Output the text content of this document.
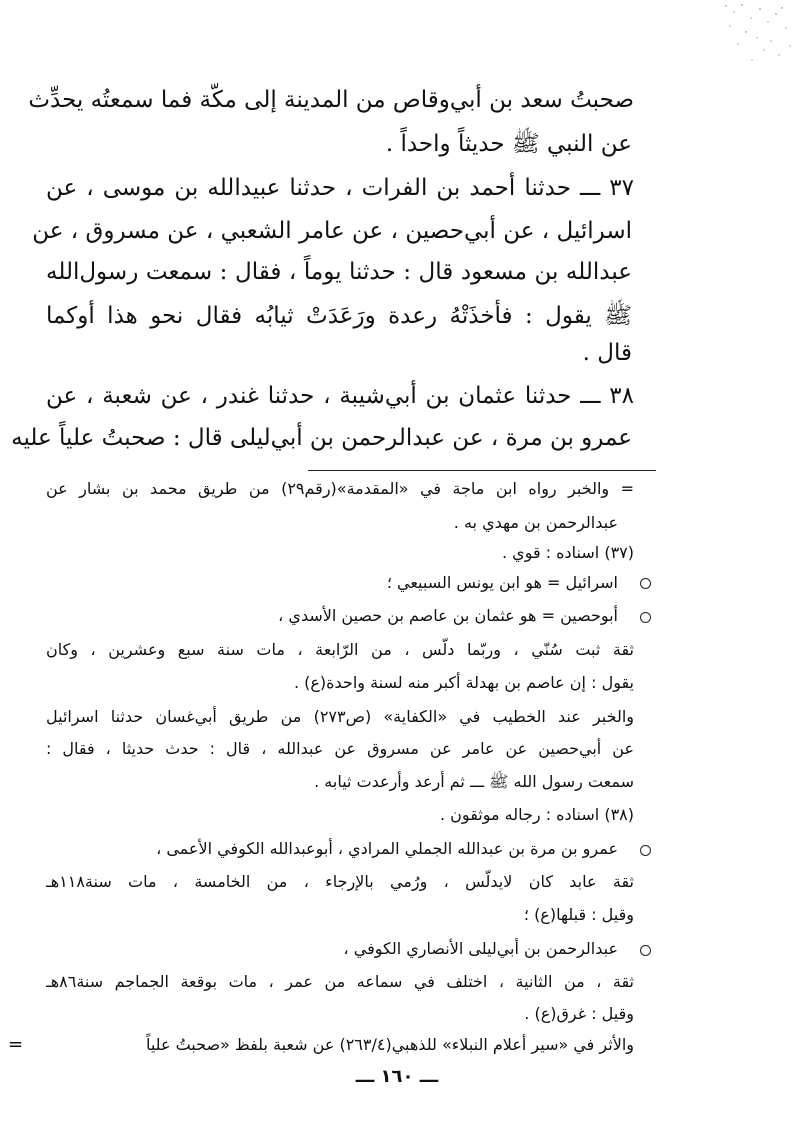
صحبتُ سعد بن أبي‌وقاص من المدينة إلى مكّة فما سمعتُه يحدِّث
عن النبي ﷺ حديثاً واحداً .
٣٧ ـــ حدثنا أحمد بن الفرات ، حدثنا عبيدالله بن موسى ، عن
اسرائيل ، عن أبي‌حصين ، عن عامر الشعبي ، عن مسروق ، عن
عبدالله بن مسعود قال : حدثنا يوماً ، فقال : سمعت رسول‌الله
ﷺ يقول : فأخذَتْهُ رعدة ورَعَدَتْ ثيابُه فقال نحو هذا أوكما
قال .
٣٨ ـــ حدثنا عثمان بن أبي‌شيبة ، حدثنا غندر ، عن شعبة ، عن
عمرو بن مرة ، عن عبدالرحمن بن أبي‌ليلى قال : صحبتُ علياً عليه
= والخبر رواه ابن ماجة في «المقدمة»(رقم٢٩) من طريق محمد بن بشار عن
عبدالرحمن بن مهدي به .
(٣٧) اسناده : قوي .
اسرائيل = هو ابن يونس السبيعي ؛
أبوحصين = هو عثمان بن عاصم بن حصين الأسدي ،
ثقة ثبت سُنّي ، وربّما دلّس ، من الرّابعة ، مات سنة سبع وعشرين ، وكان
يقول : إن عاصم بن بهدلة أكبر منه لسنة واحدة(ع) .
والخبر عند الخطيب في «الكفاية» (ص٢٧٣) من طريق أبي‌غسان حدثنا اسرائيل
عن أبي‌حصين عن عامر عن مسروق عن عبدالله ، قال : حدث حديثا ، فقال :
سمعت رسول الله ﷺ ـــ ثم أرعد وأرعدت ثيابه .
(٣٨) اسناده : رجاله موثقون .
عمرو بن مرة بن عبدالله الجملي المرادي ، أبوعبدالله الكوفي الأعمى ،
ثقة عابد كان لايدلّس ، ورُمي بالإرجاء ، من الخامسة ، مات سنة١١٨هـ
وقيل : قبلها(ع) ؛
عبدالرحمن بن أبي‌ليلى الأنصاري الكوفي ،
ثقة ، من الثانية ، اختلف في سماعه من عمر ، مات بوقعة الجماجم سنة٨٦هـ
وقيل : غرق(ع) .
والأثر في «سير أعلام النبلاء» للذهبي(٢٦٣/٤) عن شعبة بلفظ «صحبتُ علياً
=
ـــ ١٦٠ ـــ
